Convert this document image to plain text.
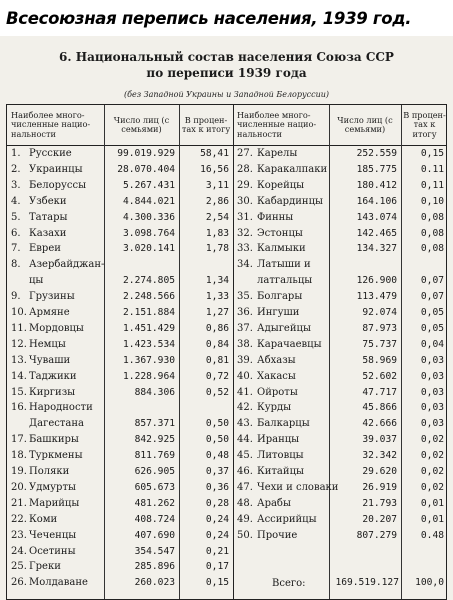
Всесоюзная перепись населения, 1939 год.
6. Национальный состав населения Союза ССР
по переписи 1939 года
(без Западной Украины и Западной Белоруссии)
Наиболее много-численные нацио-нальности
Число лиц (с семьями)
В процен-тах к итогу
Наиболее много-численные нацио-нальности
Число лиц (с семьями)
В процен-тах к итогу
1. Русские	99.019.929	58,41
2. Украинцы	28.070.404	16,56
3. Белоруссы	5.267.431	3,11
4. Узбеки	4.844.021	2,86
5. Татары	4.300.336	2,54
6. Казахи	3.098.764	1,83
7. Евреи	3.020.141	1,78
8. Азербайджан-
цы	2.274.805	1,34
9. Грузины	2.248.566	1,33
10. Армяне	2.151.884	1,27
11. Мордовцы	1.451.429	0,86
12. Немцы	1.423.534	0,84
13. Чуваши	1.367.930	0,81
14. Таджики	1.228.964	0,72
15. Киргизы	884.306	0,52
16. Народности
Дагестана	857.371	0,50
17. Башкиры	842.925	0,50
18. Туркмены	811.769	0,48
19. Поляки	626.905	0,37
20. Удмурты	605.673	0,36
21. Марийцы	481.262	0,28
22. Коми	408.724	0,24
23. Чеченцы	407.690	0,24
24. Осетины	354.547	0,21
25. Греки	285.896	0,17
26. Молдаване	260.023	0,15
27. Карелы	252.559	0,15
28. Каракалпаки	185.775	0.11
29. Корейцы	180.412	0,11
30. Кабардинцы	164.106	0,10
31. Финны	143.074	0,08
32. Эстонцы	142.465	0,08
33. Калмыки	134.327	0,08
34. Латыши и
латгальцы	126.900	0,07
35. Болгары	113.479	0,07
36. Ингуши	92.074	0,05
37. Адыгейцы	87.973	0,05
38. Карачаевцы	75.737	0,04
39. Абхазы	58.969	0,03
40. Хакасы	52.602	0,03
41. Ойроты	47.717	0,03
42. Курды	45.866	0,03
43. Балкарцы	42.666	0,03
44. Иранцы	39.037	0,02
45. Литовцы	32.342	0,02
46. Китайцы	29.620	0,02
47. Чехи и словаки	26.919	0,02
48. Арабы	21.793	0,01
49. Ассирийцы	20.207	0,01
50. Прочие	807.279	0.48
Всего:	169.519.127	100,0
